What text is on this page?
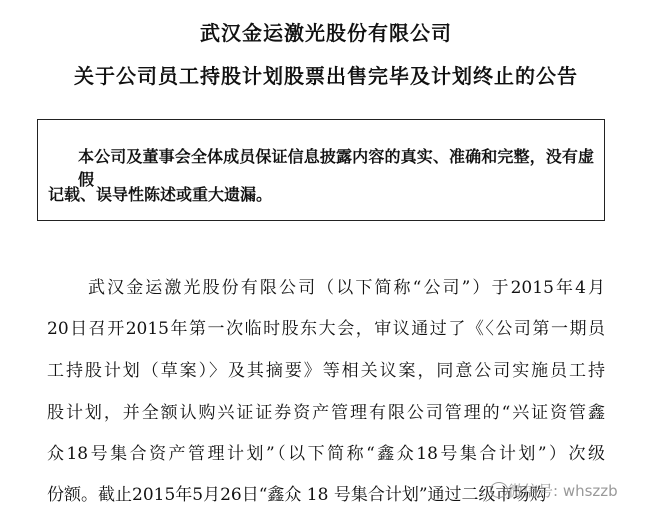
武汉金运激光股份有限公司
关于公司员工持股计划股票出售完毕及计划终止的公告
本公司及董事会全体成员保证信息披露内容的真实、准确和完整，没有虚假
记载、误导性陈述或重大遗漏。
武汉金运激光股份有限公司（以下简称“公司”）于2015年4月
20日召开2015年第一次临时股东大会，审议通过了《〈公司第一期员
工持股计划（草案）〉及其摘要》等相关议案，同意公司实施员工持
股计划，并全额认购兴证证券资产管理有限公司管理的“兴证资管鑫
众18号集合资产管理计划”（以下简称“鑫众18号集合计划”）次级
份额。截止2015年5月26日“鑫众 18 号集合计划”通过二级市场购
微信号: whszzb
